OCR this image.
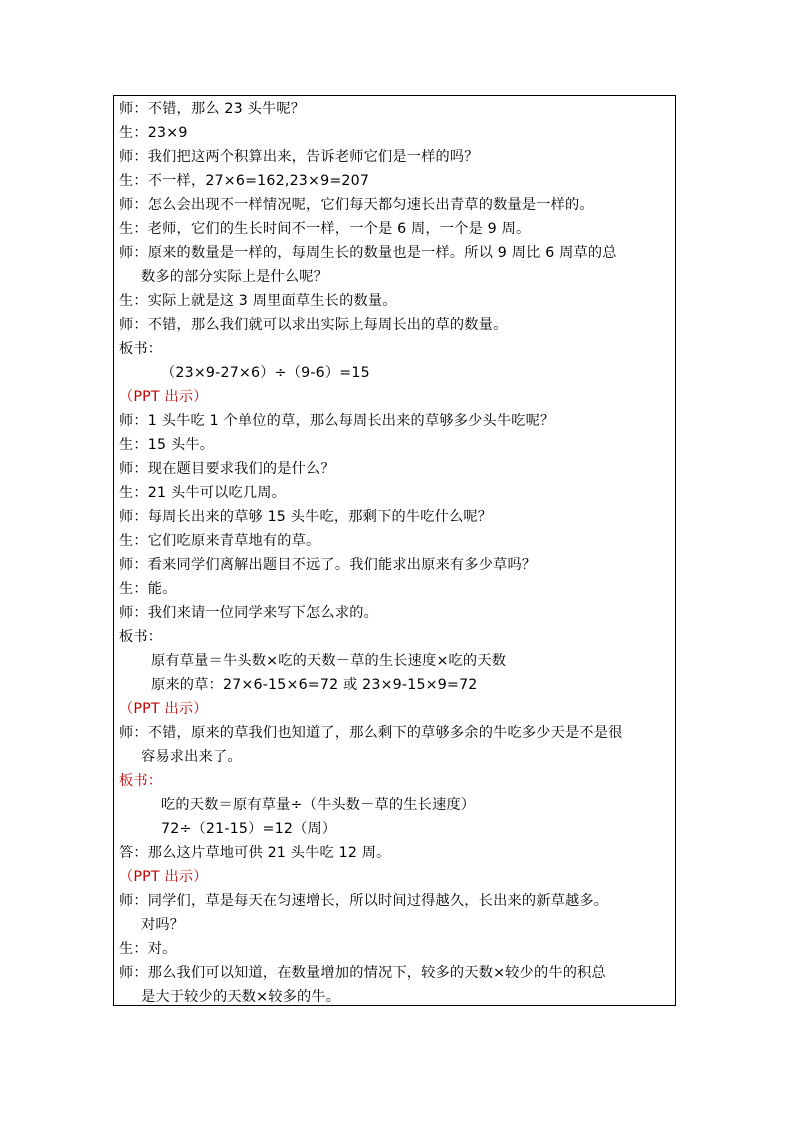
师：不错，那么 23 头牛呢？
生：23×9
师：我们把这两个积算出来，告诉老师它们是一样的吗？
生：不一样，27×6=162,23×9=207
师：怎么会出现不一样情况呢，它们每天都匀速长出青草的数量是一样的。
生：老师，它们的生长时间不一样，一个是 6 周，一个是 9 周。
师：原来的数量是一样的，每周生长的数量也是一样。所以 9 周比 6 周草的总
数多的部分实际上是什么呢？
生：实际上就是这 3 周里面草生长的数量。
师：不错，那么我们就可以求出实际上每周长出的草的数量。
板书：
（23×9-27×6）÷（9-6）=15
（PPT 出示）
师：1 头牛吃 1 个单位的草，那么每周长出来的草够多少头牛吃呢？
生：15 头牛。
师：现在题目要求我们的是什么？
生：21 头牛可以吃几周。
师：每周长出来的草够 15 头牛吃，那剩下的牛吃什么呢？
生：它们吃原来青草地有的草。
师：看来同学们离解出题目不远了。我们能求出原来有多少草吗？
生：能。
师：我们来请一位同学来写下怎么求的。
板书：
原有草量＝牛头数×吃的天数－草的生长速度×吃的天数
原来的草：27×6-15×6=72 或 23×9-15×9=72
（PPT 出示）
师：不错，原来的草我们也知道了，那么剩下的草够多余的牛吃多少天是不是很
容易求出来了。
板书：
吃的天数＝原有草量÷（牛头数－草的生长速度）
72÷（21-15）=12（周）
答：那么这片草地可供 21 头牛吃 12 周。
（PPT 出示）
师：同学们，草是每天在匀速增长，所以时间过得越久，长出来的新草越多。
对吗？
生：对。
师：那么我们可以知道，在数量增加的情况下，较多的天数×较少的牛的积总
是大于较少的天数×较多的牛。
